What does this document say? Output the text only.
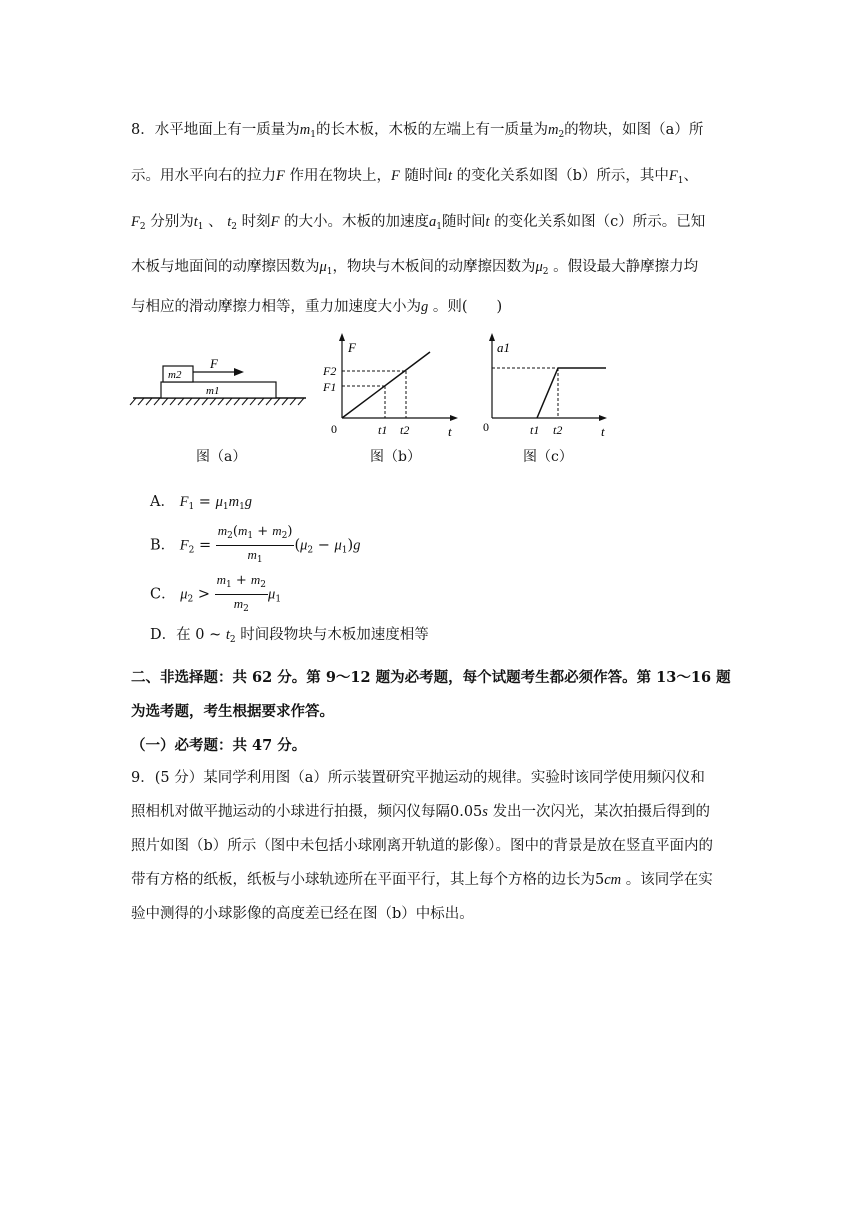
8．水平地面上有一质量为$m_1$的长木板，木板的左端上有一质量为$m_2$的物块，如图（a）所
示。用水平向右的拉力F 作用在物块上，F 随时间t 的变化关系如图（b）所示，其中$F_1$、
$F_2$ 分别为$t_1$ 、 $t_2$ 时刻F 的大小。木板的加速度$a_1$随时间t 的变化关系如图（c）所示。已知
木板与地面间的动摩擦因数为$\mu_1$，物块与木板间的动摩擦因数为$\mu_2$ 。假设最大静摩擦力均
与相应的滑动摩擦力相等，重力加速度大小为g 。则(　　)
m1
m2
F
图（a）
F
F2
F1
0	t1 t2	t
图（b）
a1
0	t1 t2	t
图（c）
A． $F_1 = \mu_1m_1g$
B． $F_2 = \frac{m_2(m_1 + m_2)}{m_1} (\mu_2 - \mu_1)g$
C． $\mu_2 > \frac{m_1 + m_2}{m_2} \mu_1$
D．在 0 ~ $t_2$ 时间段物块与木板加速度相等
二、非选择题：共 62 分。第 9～12 题为必考题，每个试题考生都必须作答。第 13～16 题
为选考题，考生根据要求作答。
（一）必考题：共 47 分。
9．(5 分）某同学利用图（a）所示装置研究平抛运动的规律。实验时该同学使用频闪仪和
照相机对做平抛运动的小球进行拍摄，频闪仪每隔0.05s 发出一次闪光，某次拍摄后得到的
照片如图（b）所示（图中未包括小球刚离开轨道的影像）。图中的背景是放在竖直平面内的
带有方格的纸板，纸板与小球轨迹所在平面平行，其上每个方格的边长为5cm 。该同学在实
验中测得的小球影像的高度差已经在图（b）中标出。
